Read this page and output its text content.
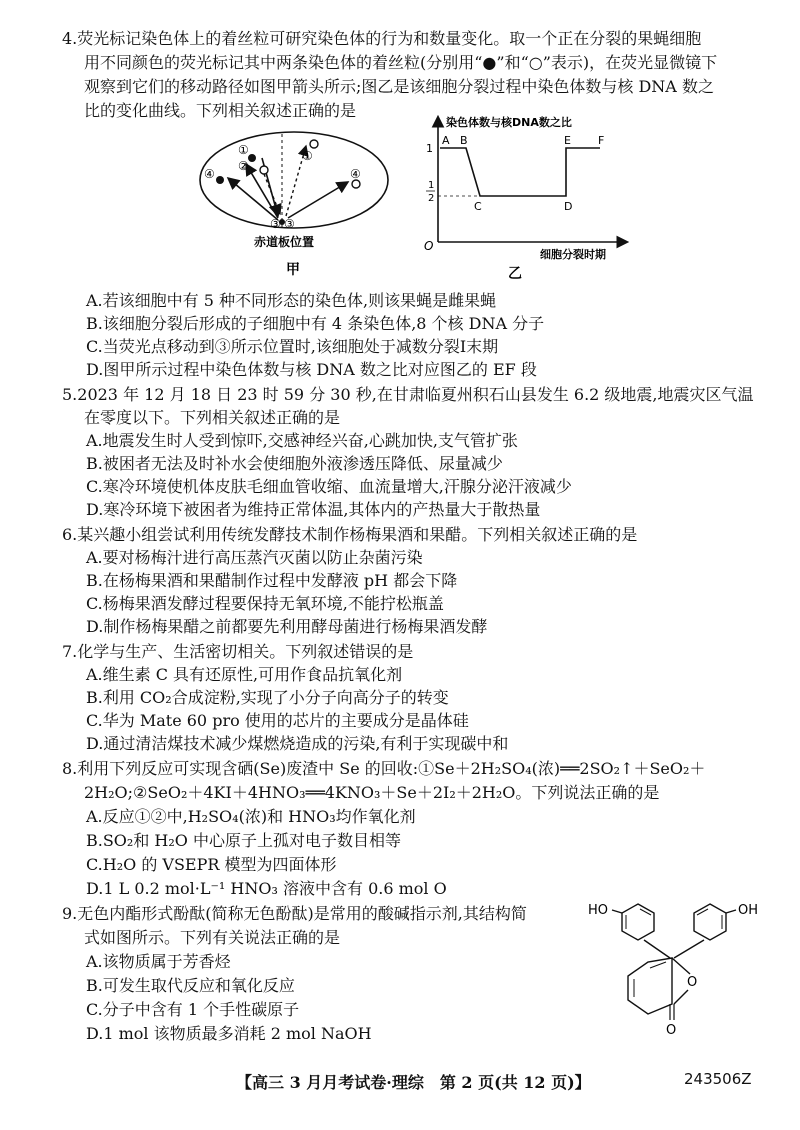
4.荧光标记染色体上的着丝粒可研究染色体的行为和数量变化。取一个正在分裂的果蝇细胞
用不同颜色的荧光标记其中两条染色体的着丝粒(分别用“●”和“○”表示)，在荧光显微镜下
观察到它们的移动路径如图甲箭头所示;图乙是该细胞分裂过程中染色体数与核 DNA 数之
比的变化曲线。下列相关叙述正确的是
④
①
②
①
③ ③
④
赤道板位置
甲
染色体数与核DNA数之比
1
1
2
O
A B
C	D
E F
细胞分裂时期
乙
A.若该细胞中有 5 种不同形态的染色体,则该果蝇是雌果蝇
B.该细胞分裂后形成的子细胞中有 4 条染色体,8 个核 DNA 分子
C.当荧光点移动到③所示位置时,该细胞处于减数分裂Ⅰ末期
D.图甲所示过程中染色体数与核 DNA 数之比对应图乙的 EF 段
5.2023 年 12 月 18 日 23 时 59 分 30 秒,在甘肃临夏州积石山县发生 6.2 级地震,地震灾区气温
在零度以下。下列相关叙述正确的是
A.地震发生时人受到惊吓,交感神经兴奋,心跳加快,支气管扩张
B.被困者无法及时补水会使细胞外液渗透压降低、尿量减少
C.寒冷环境使机体皮肤毛细血管收缩、血流量增大,汗腺分泌汗液减少
D.寒冷环境下被困者为维持正常体温,其体内的产热量大于散热量
6.某兴趣小组尝试利用传统发酵技术制作杨梅果酒和果醋。下列相关叙述正确的是
A.要对杨梅汁进行高压蒸汽灭菌以防止杂菌污染
B.在杨梅果酒和果醋制作过程中发酵液 pH 都会下降
C.杨梅果酒发酵过程要保持无氧环境,不能拧松瓶盖
D.制作杨梅果醋之前都要先利用酵母菌进行杨梅果酒发酵
7.化学与生产、生活密切相关。下列叙述错误的是
A.维生素 C 具有还原性,可用作食品抗氧化剂
B.利用 CO₂合成淀粉,实现了小分子向高分子的转变
C.华为 Mate 60 pro 使用的芯片的主要成分是晶体硅
D.通过清洁煤技术减少煤燃烧造成的污染,有利于实现碳中和
8.利用下列反应可实现含硒(Se)废渣中 Se 的回收:①Se＋2H₂SO₄(浓)══2SO₂↑＋SeO₂＋
2H₂O;②SeO₂＋4KI＋4HNO₃══4KNO₃＋Se＋2I₂＋2H₂O。下列说法正确的是
A.反应①②中,H₂SO₄(浓)和 HNO₃均作氧化剂
B.SO₂和 H₂O 中心原子上孤对电子数目相等
C.H₂O 的 VSEPR 模型为四面体形
D.1 L 0.2 mol·L⁻¹ HNO₃ 溶液中含有 0.6 mol O
9.无色内酯形式酚酞(简称无色酚酞)是常用的酸碱指示剂,其结构简
式如图所示。下列有关说法正确的是
A.该物质属于芳香烃
B.可发生取代反应和氧化反应
C.分子中含有 1 个手性碳原子
D.1 mol 该物质最多消耗 2 mol NaOH
HO	OH
O
O
【高三 3 月月考试卷·理综　第 2 页(共 12 页)】	243506Z
